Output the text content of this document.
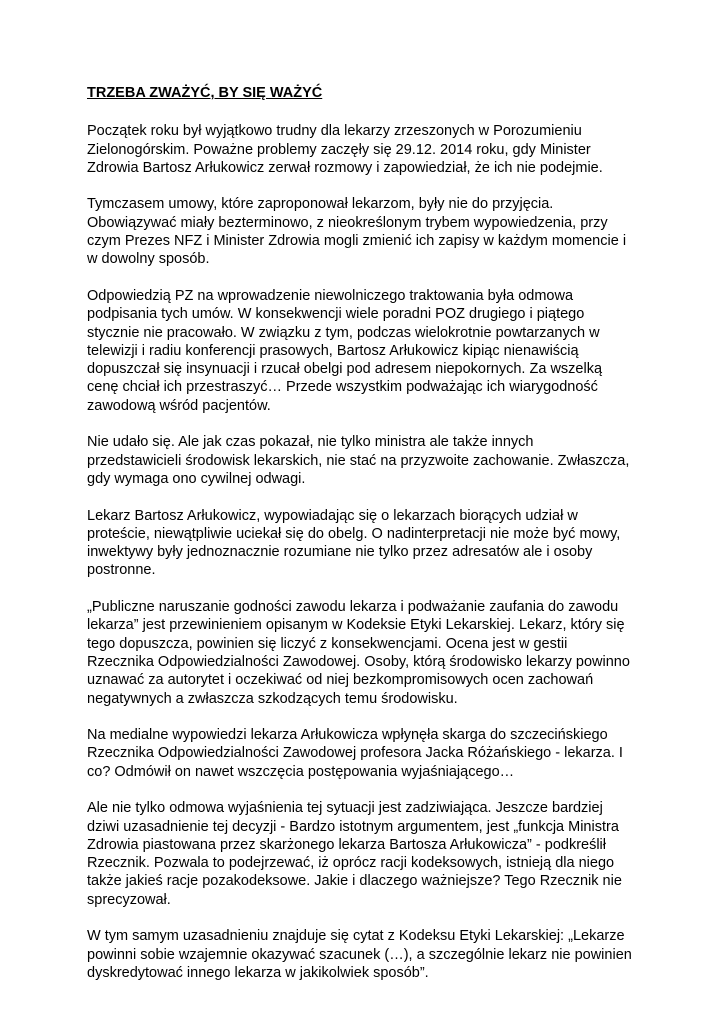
TRZEBA ZWAŻYĆ, BY SIĘ WAŻYĆ
Początek roku był wyjątkowo trudny dla lekarzy zrzeszonych w Porozumieniu
Zielonogórskim. Poważne problemy zaczęły się 29.12. 2014 roku, gdy Minister
Zdrowia Bartosz Arłukowicz zerwał rozmowy i zapowiedział, że ich nie podejmie.
Tymczasem umowy, które zaproponował lekarzom, były nie do przyjęcia.
Obowiązywać miały bezterminowo, z nieokreślonym trybem wypowiedzenia, przy
czym Prezes NFZ i Minister Zdrowia mogli zmienić ich zapisy w każdym momencie i
w dowolny sposób.
Odpowiedzią PZ na wprowadzenie niewolniczego traktowania była odmowa
podpisania tych umów. W konsekwencji wiele poradni POZ drugiego i piątego
stycznie nie pracowało. W związku z tym, podczas wielokrotnie powtarzanych w
telewizji i radiu konferencji prasowych, Bartosz Arłukowicz kipiąc nienawiścią
dopuszczał się insynuacji i rzucał obelgi pod adresem niepokornych. Za wszelką
cenę chciał ich przestraszyć… Przede wszystkim podważając ich wiarygodność
zawodową wśród pacjentów.
Nie udało się. Ale jak czas pokazał, nie tylko ministra ale także innych
przedstawicieli środowisk lekarskich, nie stać na przyzwoite zachowanie. Zwłaszcza,
gdy wymaga ono cywilnej odwagi.
Lekarz Bartosz Arłukowicz, wypowiadając się o lekarzach biorących udział w
proteście, niewątpliwie uciekał się do obelg. O nadinterpretacji nie może być mowy,
inwektywy były jednoznacznie rozumiane nie tylko przez adresatów ale i osoby
postronne.
„Publiczne naruszanie godności zawodu lekarza i podważanie zaufania do zawodu
lekarza” jest przewinieniem opisanym w Kodeksie Etyki Lekarskiej. Lekarz, który się
tego dopuszcza, powinien się liczyć z konsekwencjami. Ocena jest w gestii
Rzecznika Odpowiedzialności Zawodowej. Osoby, którą środowisko lekarzy powinno
uznawać za autorytet i oczekiwać od niej bezkompromisowych ocen zachowań
negatywnych a zwłaszcza szkodzących temu środowisku.
Na medialne wypowiedzi lekarza Arłukowicza wpłynęła skarga do szczecińskiego
Rzecznika Odpowiedzialności Zawodowej profesora Jacka Różańskiego - lekarza. I
co? Odmówił on nawet wszczęcia postępowania wyjaśniającego…
Ale nie tylko odmowa wyjaśnienia tej sytuacji jest zadziwiająca. Jeszcze bardziej
dziwi uzasadnienie tej decyzji - Bardzo istotnym argumentem, jest „funkcja Ministra
Zdrowia piastowana przez skarżonego lekarza Bartosza Arłukowicza” - podkreślił
Rzecznik. Pozwala to podejrzewać, iż oprócz racji kodeksowych, istnieją dla niego
także jakieś racje pozakodeksowe. Jakie i dlaczego ważniejsze? Tego Rzecznik nie
sprecyzował.
W tym samym uzasadnieniu znajduje się cytat z Kodeksu Etyki Lekarskiej: „Lekarze
powinni sobie wzajemnie okazywać szacunek (…), a szczególnie lekarz nie powinien
dyskredytować innego lekarza w jakikolwiek sposób”.
